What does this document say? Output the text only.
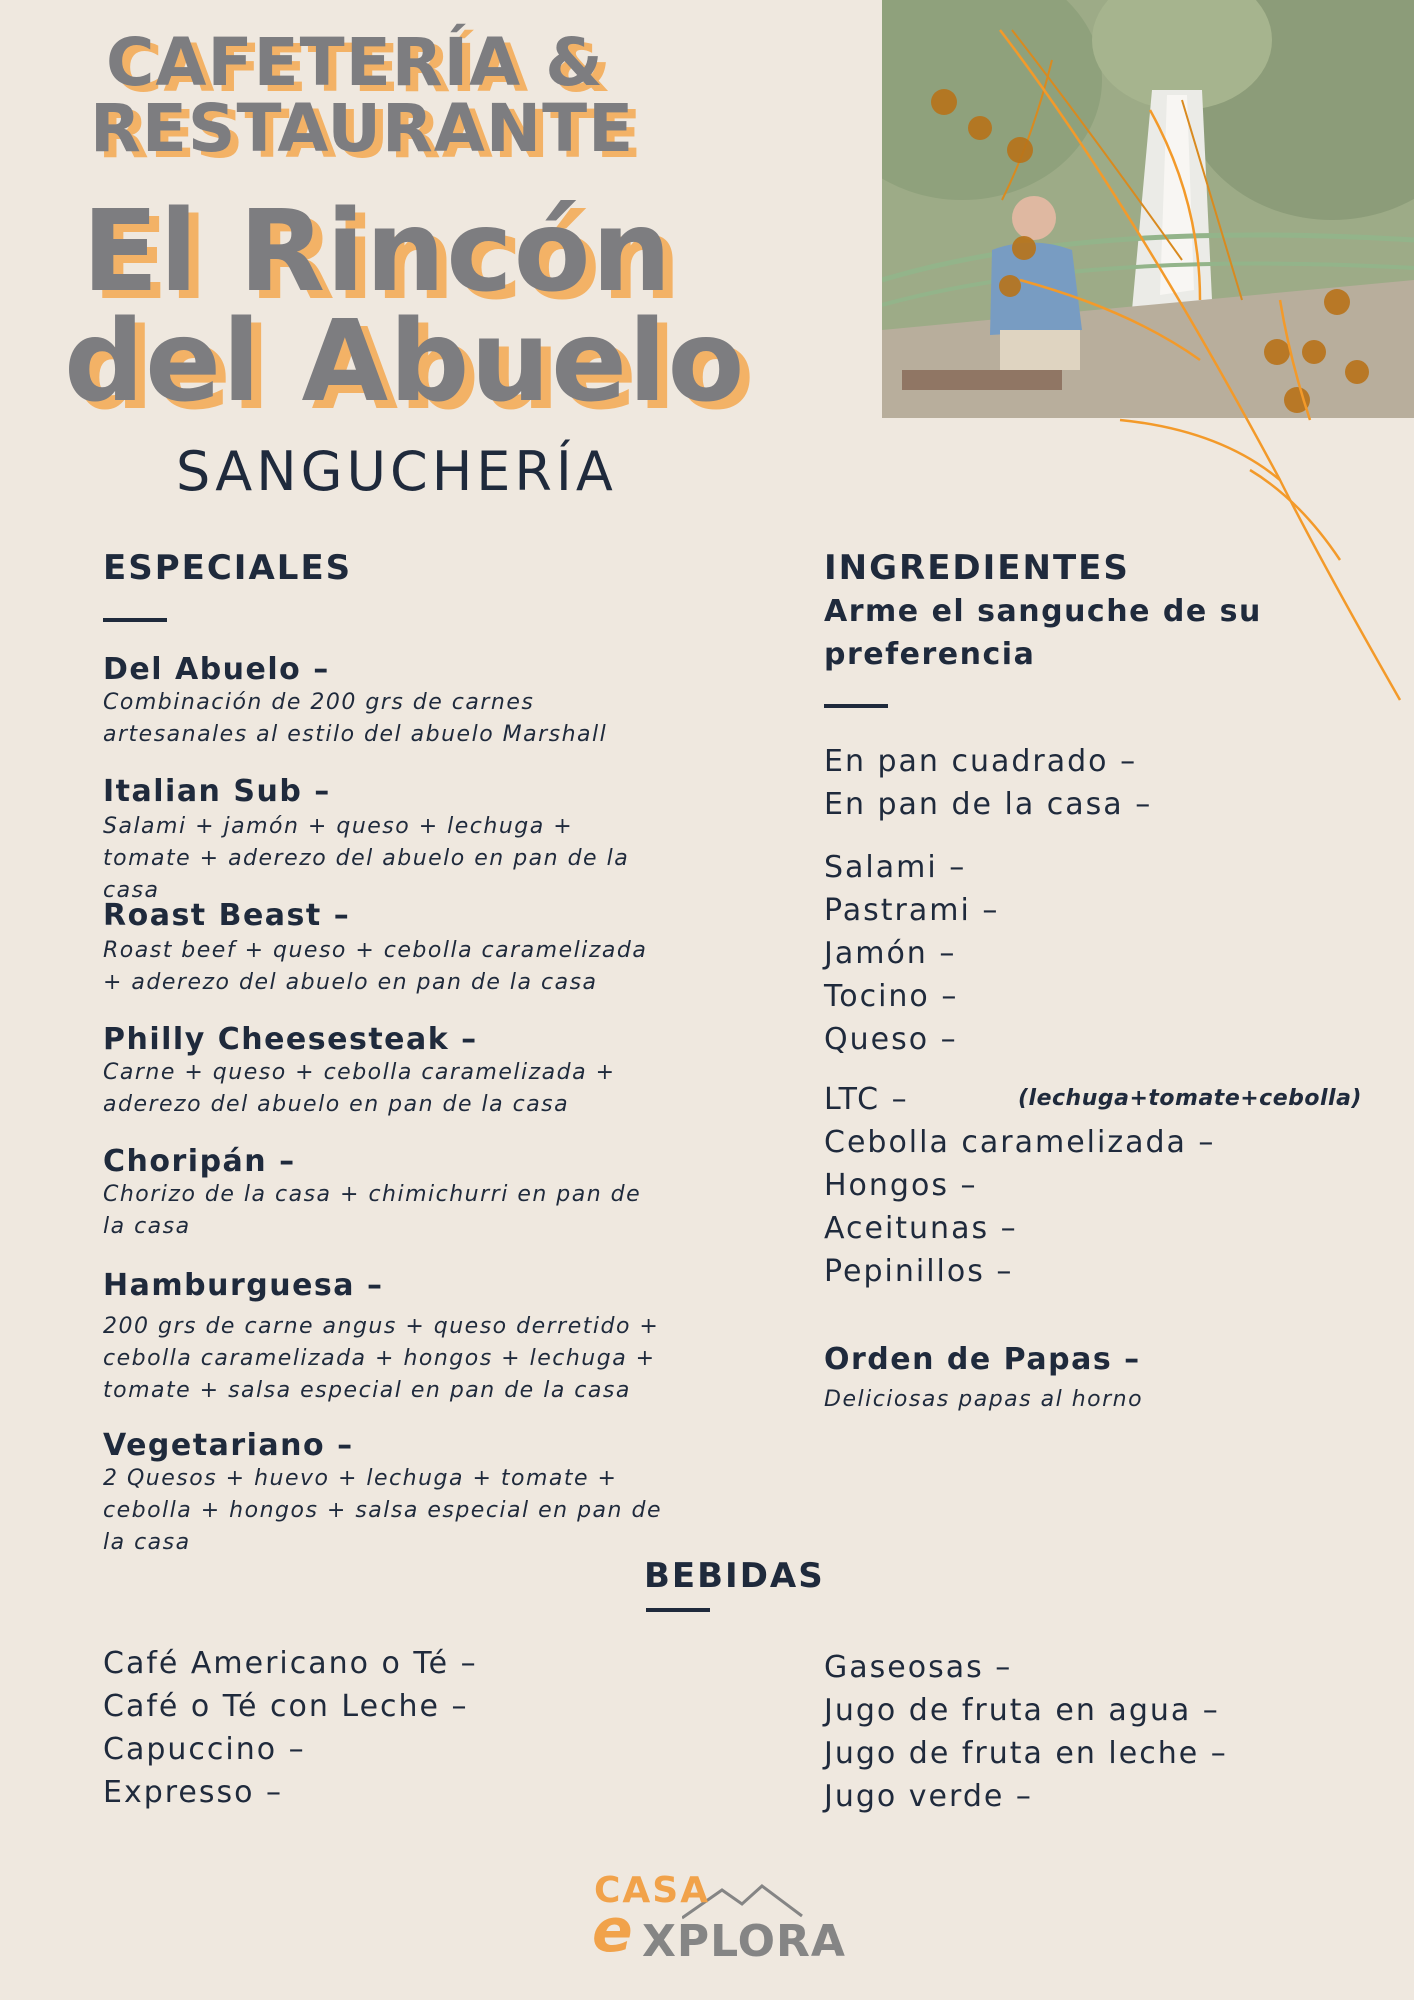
CAFETERÍA &
RESTAURANTE
El Rincón
del Abuelo
SANGUCHERÍA
ESPECIALES
Del Abuelo –
Combinación de 200 grs de carnes artesanales al estilo del abuelo Marshall
Italian Sub –
Salami + jamón + queso + lechuga + tomate + aderezo del abuelo en pan de la casa
Roast Beast –
Roast beef + queso + cebolla caramelizada + aderezo del abuelo en pan de la casa
Philly Cheesesteak –
Carne + queso + cebolla caramelizada + aderezo del abuelo en pan de la casa
Choripán –
Chorizo de la casa + chimichurri en pan de la casa
Hamburguesa –
200 grs de carne angus + queso derretido + cebolla caramelizada + hongos + lechuga + tomate + salsa especial en pan de la casa
Vegetariano –
2 Quesos + huevo + lechuga + tomate + cebolla + hongos + salsa especial en pan de la casa
INGREDIENTES
Arme el sanguche de su preferencia
En pan cuadrado –
En pan de la casa –
Salami –
Pastrami –
Jamón –
Tocino –
Queso –
LTC –	(lechuga+tomate+cebolla)
Cebolla caramelizada –
Hongos –
Aceitunas –
Pepinillos –
Orden de Papas –
Deliciosas papas al horno
BEBIDAS
Café Americano o Té –
Café o Té con Leche –
Capuccino –
Expresso –
Gaseosas –
Jugo de fruta en agua –
Jugo de fruta en leche –
Jugo verde –
CASA
e XPLORA
